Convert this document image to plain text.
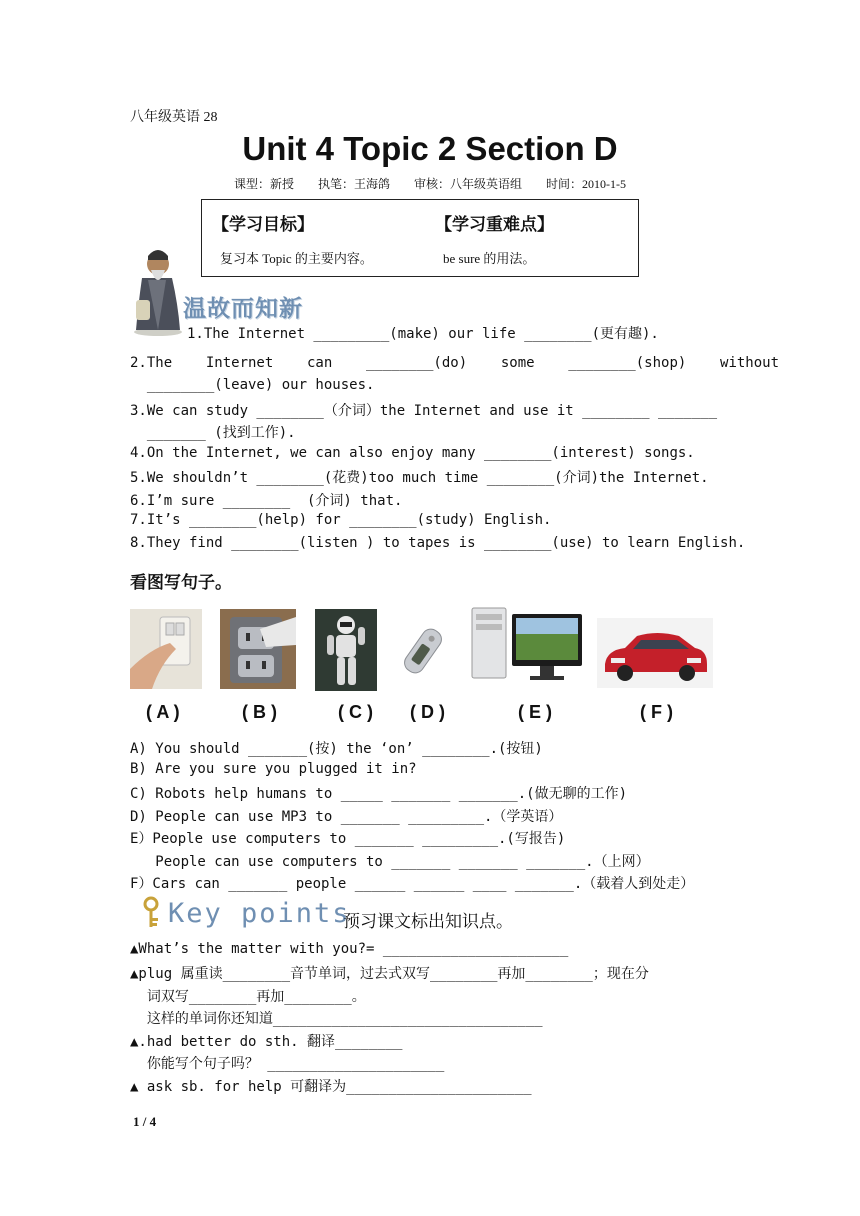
八年级英语 28
Unit 4 Topic 2 Section D
课型：新授　　执笔：王海鸽　　审核：八年级英语组　　时间：2010-1-5
【学习目标】	【学习重难点】
复习本 Topic 的主要内容。	be sure 的用法。
温故而知新
1.The Internet _________(make) our life ________(更有趣).
2.The    Internet    can    ________(do)    some    ________(shop)    without
________(leave) our houses.
3.We can study ________（介词）the Internet and use it ________ _______
_______ (找到工作).
4.On the Internet, we can also enjoy many ________(interest) songs.
5.We shouldn’t ________(花费)too much time ________(介词)the Internet.
6.I’m sure ________  (介词) that.
7.It’s ________(help) for ________(study) English.
8.They find ________(listen ) to tapes is ________(use) to learn English.
看图写句子。
( A )	( B )	( C ) ( D )	( E )	( F )
A) You should _______(按) the ‘on’ ________.(按钮)
B) Are you sure you plugged it in?
C) Robots help humans to _____ _______ _______.(做无聊的工作)
D) People can use MP3 to _______ _________.（学英语）
E）People use computers to _______ _________.(写报告)
People can use computers to _______ _______ _______.（上网）
F）Cars can _______ people ______ ______ ____ _______.（载着人到处走）
Key points
预习课文标出知识点。
▲What’s the matter with you?= ______________________
▲plug 属重读________音节单词，过去式双写________再加________；现在分
词双写________再加________。
这样的单词你还知道________________________________
▲.had better do sth. 翻译________
你能写个句子吗？ _____________________
▲ ask sb. for help 可翻译为______________________
1 / 4
